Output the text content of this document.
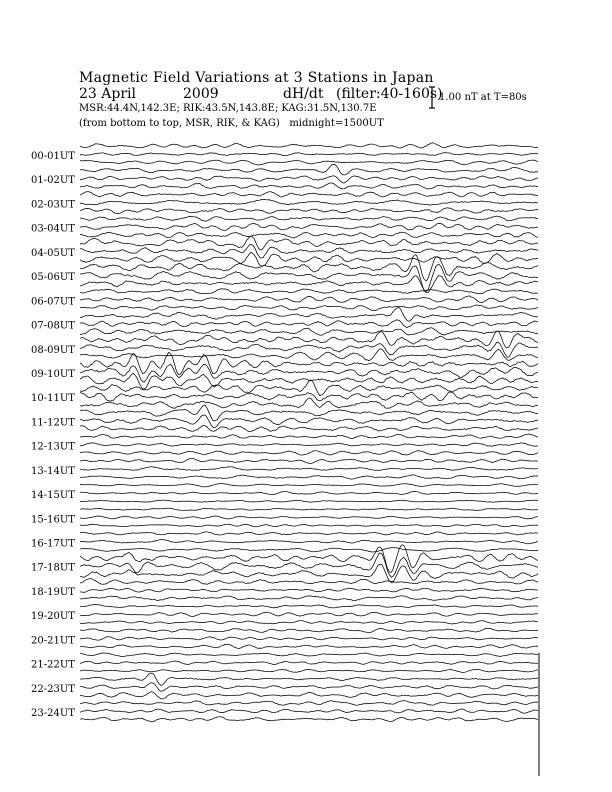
Magnetic Field Variations at 3 Stations in Japan
23 April	2009	dH/dt (filter:40-160s)
MSR:44.4N,142.3E; RIK:43.5N,143.8E; KAG:31.5N,130.7E
(from bottom to top, MSR, RIK, & KAG) midnight=1500UT
1.00 nT at T=80s
00-01UT
01-02UT
02-03UT
03-04UT
04-05UT
05-06UT
06-07UT
07-08UT
08-09UT
09-10UT
10-11UT
11-12UT
12-13UT
13-14UT
14-15UT
15-16UT
16-17UT
17-18UT
18-19UT
19-20UT
20-21UT
21-22UT
22-23UT
23-24UT
